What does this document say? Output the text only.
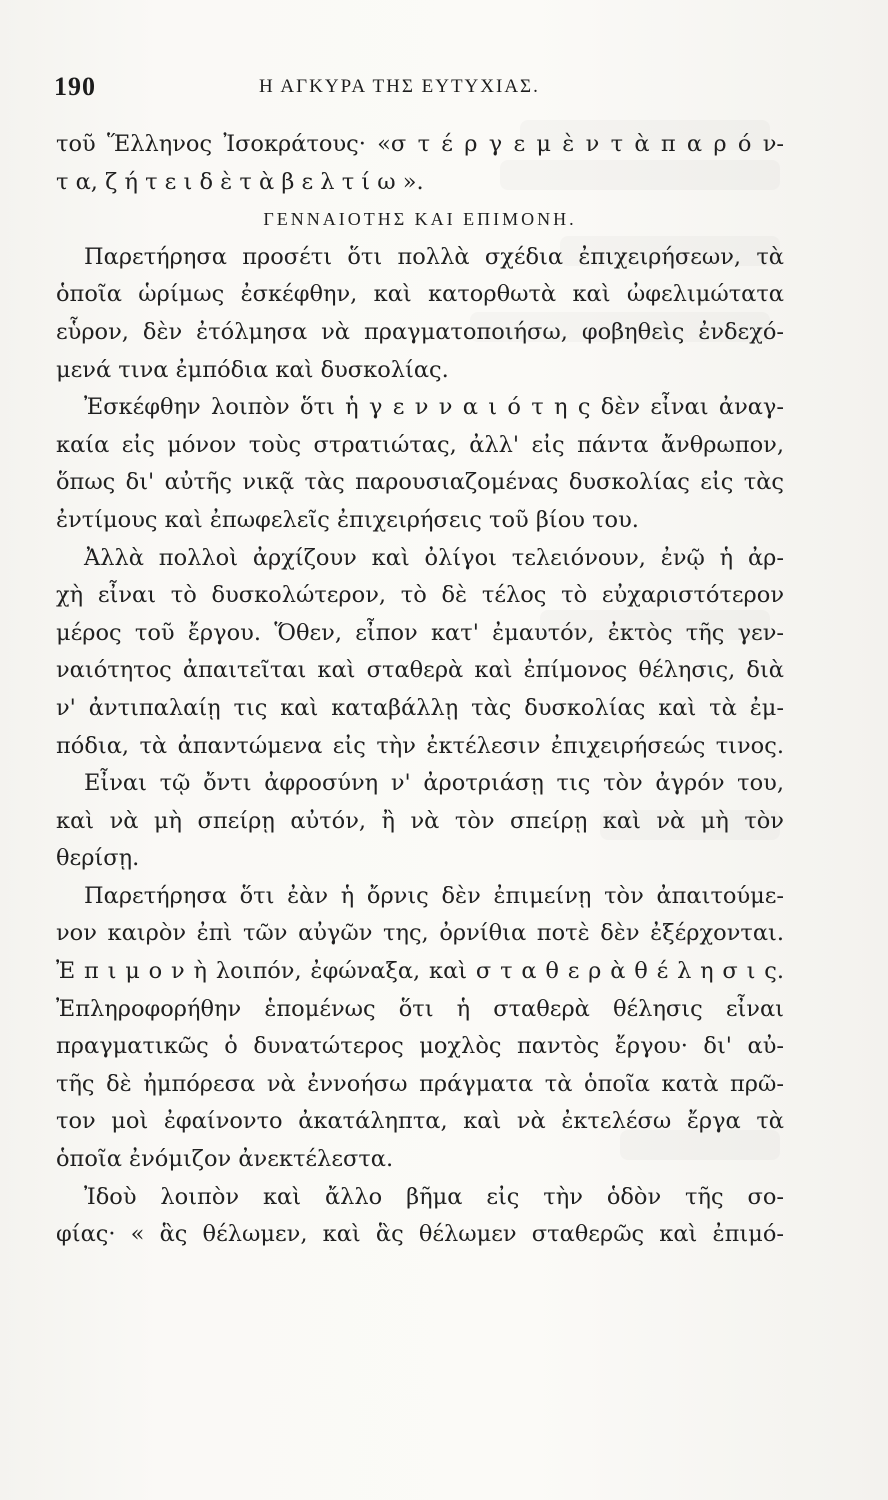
190	Η ΑΓΚΥΡΑ ΤΗΣ ΕΥΤΥΧΙΑΣ.
τοῦ Ἕλληνος Ἰσοκράτους· «σ τ έ ρ γ ε μ ὲ ν τ ὰ π α ρ ό ν-
τ α, ζ ή τ ε ι δ ὲ τ ὰ β ε λ τ ί ω ».
ΓΕΝΝΑΙΟΤΗΣ ΚΑΙ ΕΠΙΜΟΝΗ.
Παρετήρησα προσέτι ὅτι πολλὰ σχέδια ἐπιχειρήσεων, τὰ
ὁποῖα ὡρίμως ἐσκέφθην, καὶ κατορθωτὰ καὶ ὠφελιμώτατα
εὗρον, δὲν ἐτόλμησα νὰ πραγματοποιήσω, φοβηθεὶς ἐνδεχό-
μενά τινα ἐμπόδια καὶ δυσκολίας.
Ἐσκέφθην λοιπὸν ὅτι ἡ γ ε ν ν α ι ό τ η ς δὲν εἶναι ἀναγ-
καία εἰς μόνον τοὺς στρατιώτας, ἀλλ' εἰς πάντα ἄνθρωπον,
ὅπως δι' αὐτῆς νικᾷ τὰς παρουσιαζομένας δυσκολίας εἰς τὰς
ἐντίμους καὶ ἐπωφελεῖς ἐπιχειρήσεις τοῦ βίου του.
Ἀλλὰ πολλοὶ ἀρχίζουν καὶ ὀλίγοι τελειόνουν, ἐνῷ ἡ ἀρ-
χὴ εἶναι τὸ δυσκολώτερον, τὸ δὲ τέλος τὸ εὐχαριστότερον
μέρος τοῦ ἔργου. Ὅθεν, εἶπον κατ' ἐμαυτόν, ἐκτὸς τῆς γεν-
ναιότητος ἀπαιτεῖται καὶ σταθερὰ καὶ ἐπίμονος θέλησις, διὰ
ν' ἀντιπαλαίῃ τις καὶ καταβάλλῃ τὰς δυσκολίας καὶ τὰ ἐμ-
πόδια, τὰ ἀπαντώμενα εἰς τὴν ἐκτέλεσιν ἐπιχειρήσεώς τινος.
Εἶναι τῷ ὄντι ἀφροσύνη ν' ἀροτριάσῃ τις τὸν ἀγρόν του,
καὶ νὰ μὴ σπείρῃ αὐτόν, ἢ νὰ τὸν σπείρῃ καὶ νὰ μὴ τὸν
θερίσῃ.
Παρετήρησα ὅτι ἐὰν ἡ ὄρνις δὲν ἐπιμείνῃ τὸν ἀπαιτούμε-
νον καιρὸν ἐπὶ τῶν αὐγῶν της, ὀρνίθια ποτὲ δὲν ἐξέρχονται.
Ἐ π ι μ ο ν ὴ λοιπόν, ἐφώναξα, καὶ σ τ α θ ε ρ ὰ θ έ λ η σ ι ς.
Ἐπληροφορήθην ἑπομένως ὅτι ἡ σταθερὰ θέλησις εἶναι
πραγματικῶς ὁ δυνατώτερος μοχλὸς παντὸς ἔργου· δι' αὐ-
τῆς δὲ ἠμπόρεσα νὰ ἐννοήσω πράγματα τὰ ὁποῖα κατὰ πρῶ-
τον μοὶ ἐφαίνοντο ἀκατάληπτα, καὶ νὰ ἐκτελέσω ἔργα τὰ
ὁποῖα ἐνόμιζον ἀνεκτέλεστα.
Ἰδοὺ λοιπὸν καὶ ἄλλο βῆμα εἰς τὴν ὁδὸν τῆς σο-
φίας· « ἃς θέλωμεν, καὶ ἃς θέλωμεν σταθερῶς καὶ ἐπιμό-
